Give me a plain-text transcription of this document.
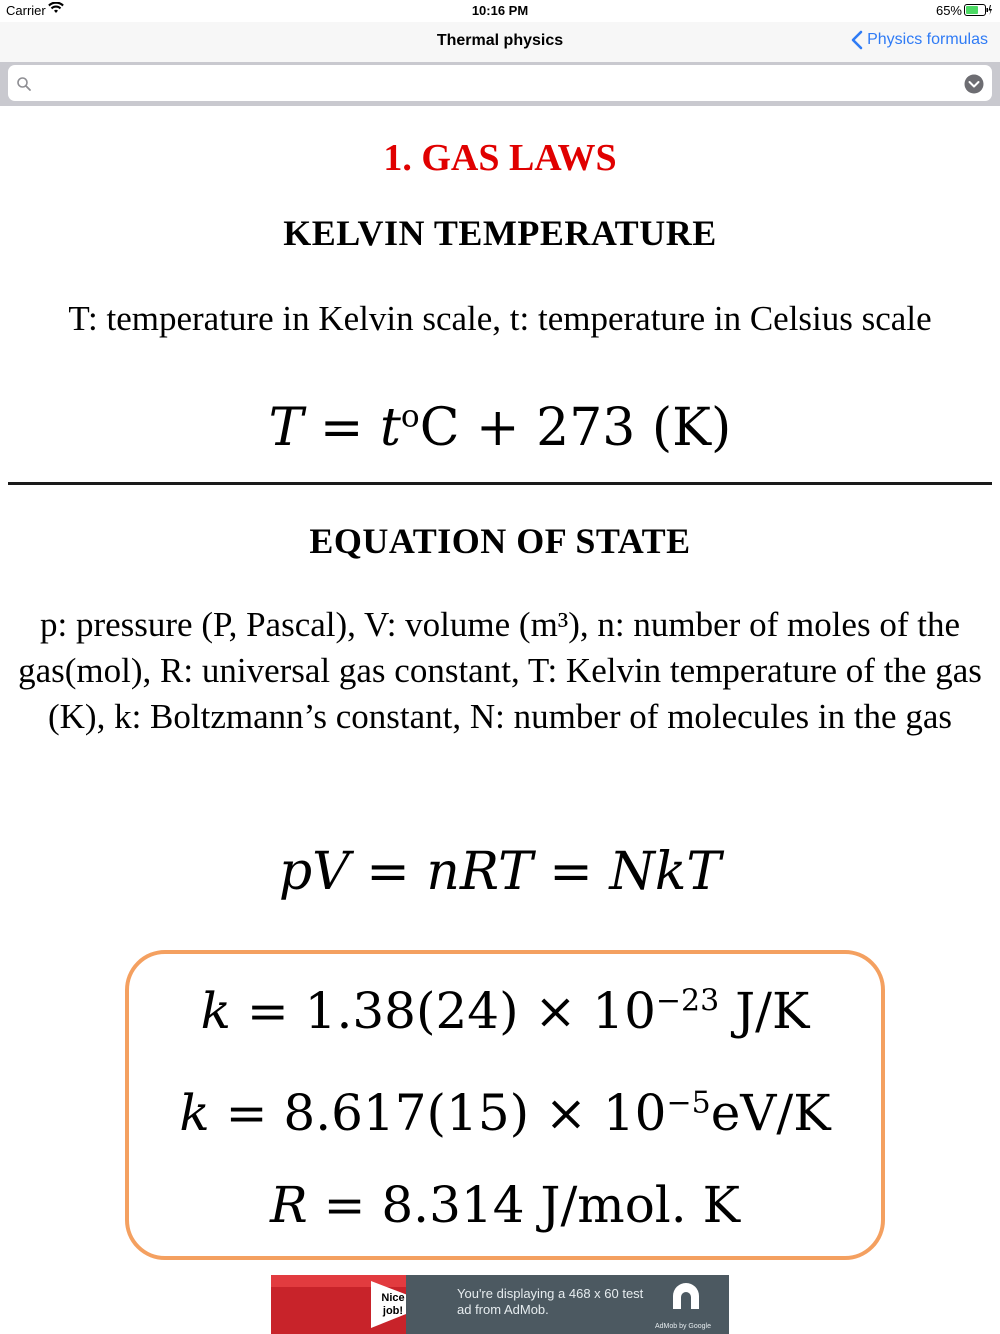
Carrier	10:16 PM	65%
Thermal physics	Physics formulas
1. GAS LAWS
KELVIN TEMPERATURE
T: temperature in Kelvin scale, t: temperature in Celsius scale
$T = t^oC + 273$ (K)
EQUATION OF STATE
p: pressure (P, Pascal), V: volume (m³), n: number of moles of the gas(mol), R: universal gas constant, T: Kelvin temperature of the gas (K), k: Boltzmann’s constant, N: number of molecules in the gas
pV = nRT = NkT
$k = 1.38(24) \times 10^{-23}$ J/K
$k = 8.617(15) \times 10^{-5}eV/K$
R = 8.314 J/mol. K
Nice job!
You're displaying a 468 x 60 test ad from AdMob.
AdMob by Google
